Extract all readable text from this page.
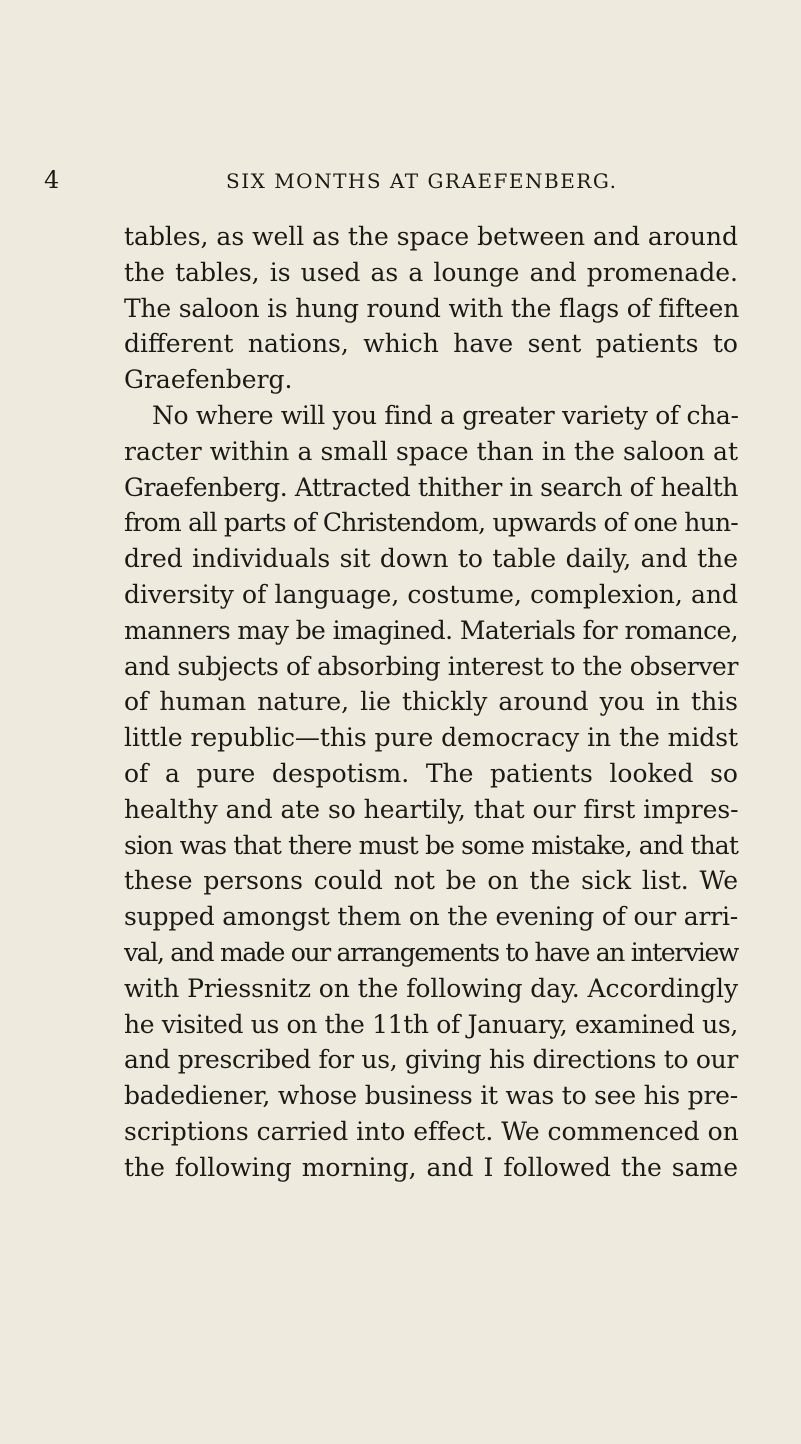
4	SIX MONTHS AT GRAEFENBERG.
tables, as well as the space between and around
the tables, is used as a lounge and promenade.
The saloon is hung round with the flags of fifteen
different nations, which have sent patients to
Graefenberg.
No where will you find a greater variety of cha-
racter within a small space than in the saloon at
Graefenberg. Attracted thither in search of health
from all parts of Christendom, upwards of one hun-
dred individuals sit down to table daily, and the
diversity of language, costume, complexion, and
manners may be imagined. Materials for romance,
and subjects of absorbing interest to the observer
of human nature, lie thickly around you in this
little republic—this pure democracy in the midst
of a pure despotism. The patients looked so
healthy and ate so heartily, that our first impres-
sion was that there must be some mistake, and that
these persons could not be on the sick list. We
supped amongst them on the evening of our arri-
val, and made our arrangements to have an interview
with Priessnitz on the following day. Accordingly
he visited us on the 11th of January, examined us,
and prescribed for us, giving his directions to our
badediener, whose business it was to see his pre-
scriptions carried into effect. We commenced on
the following morning, and I followed the same
